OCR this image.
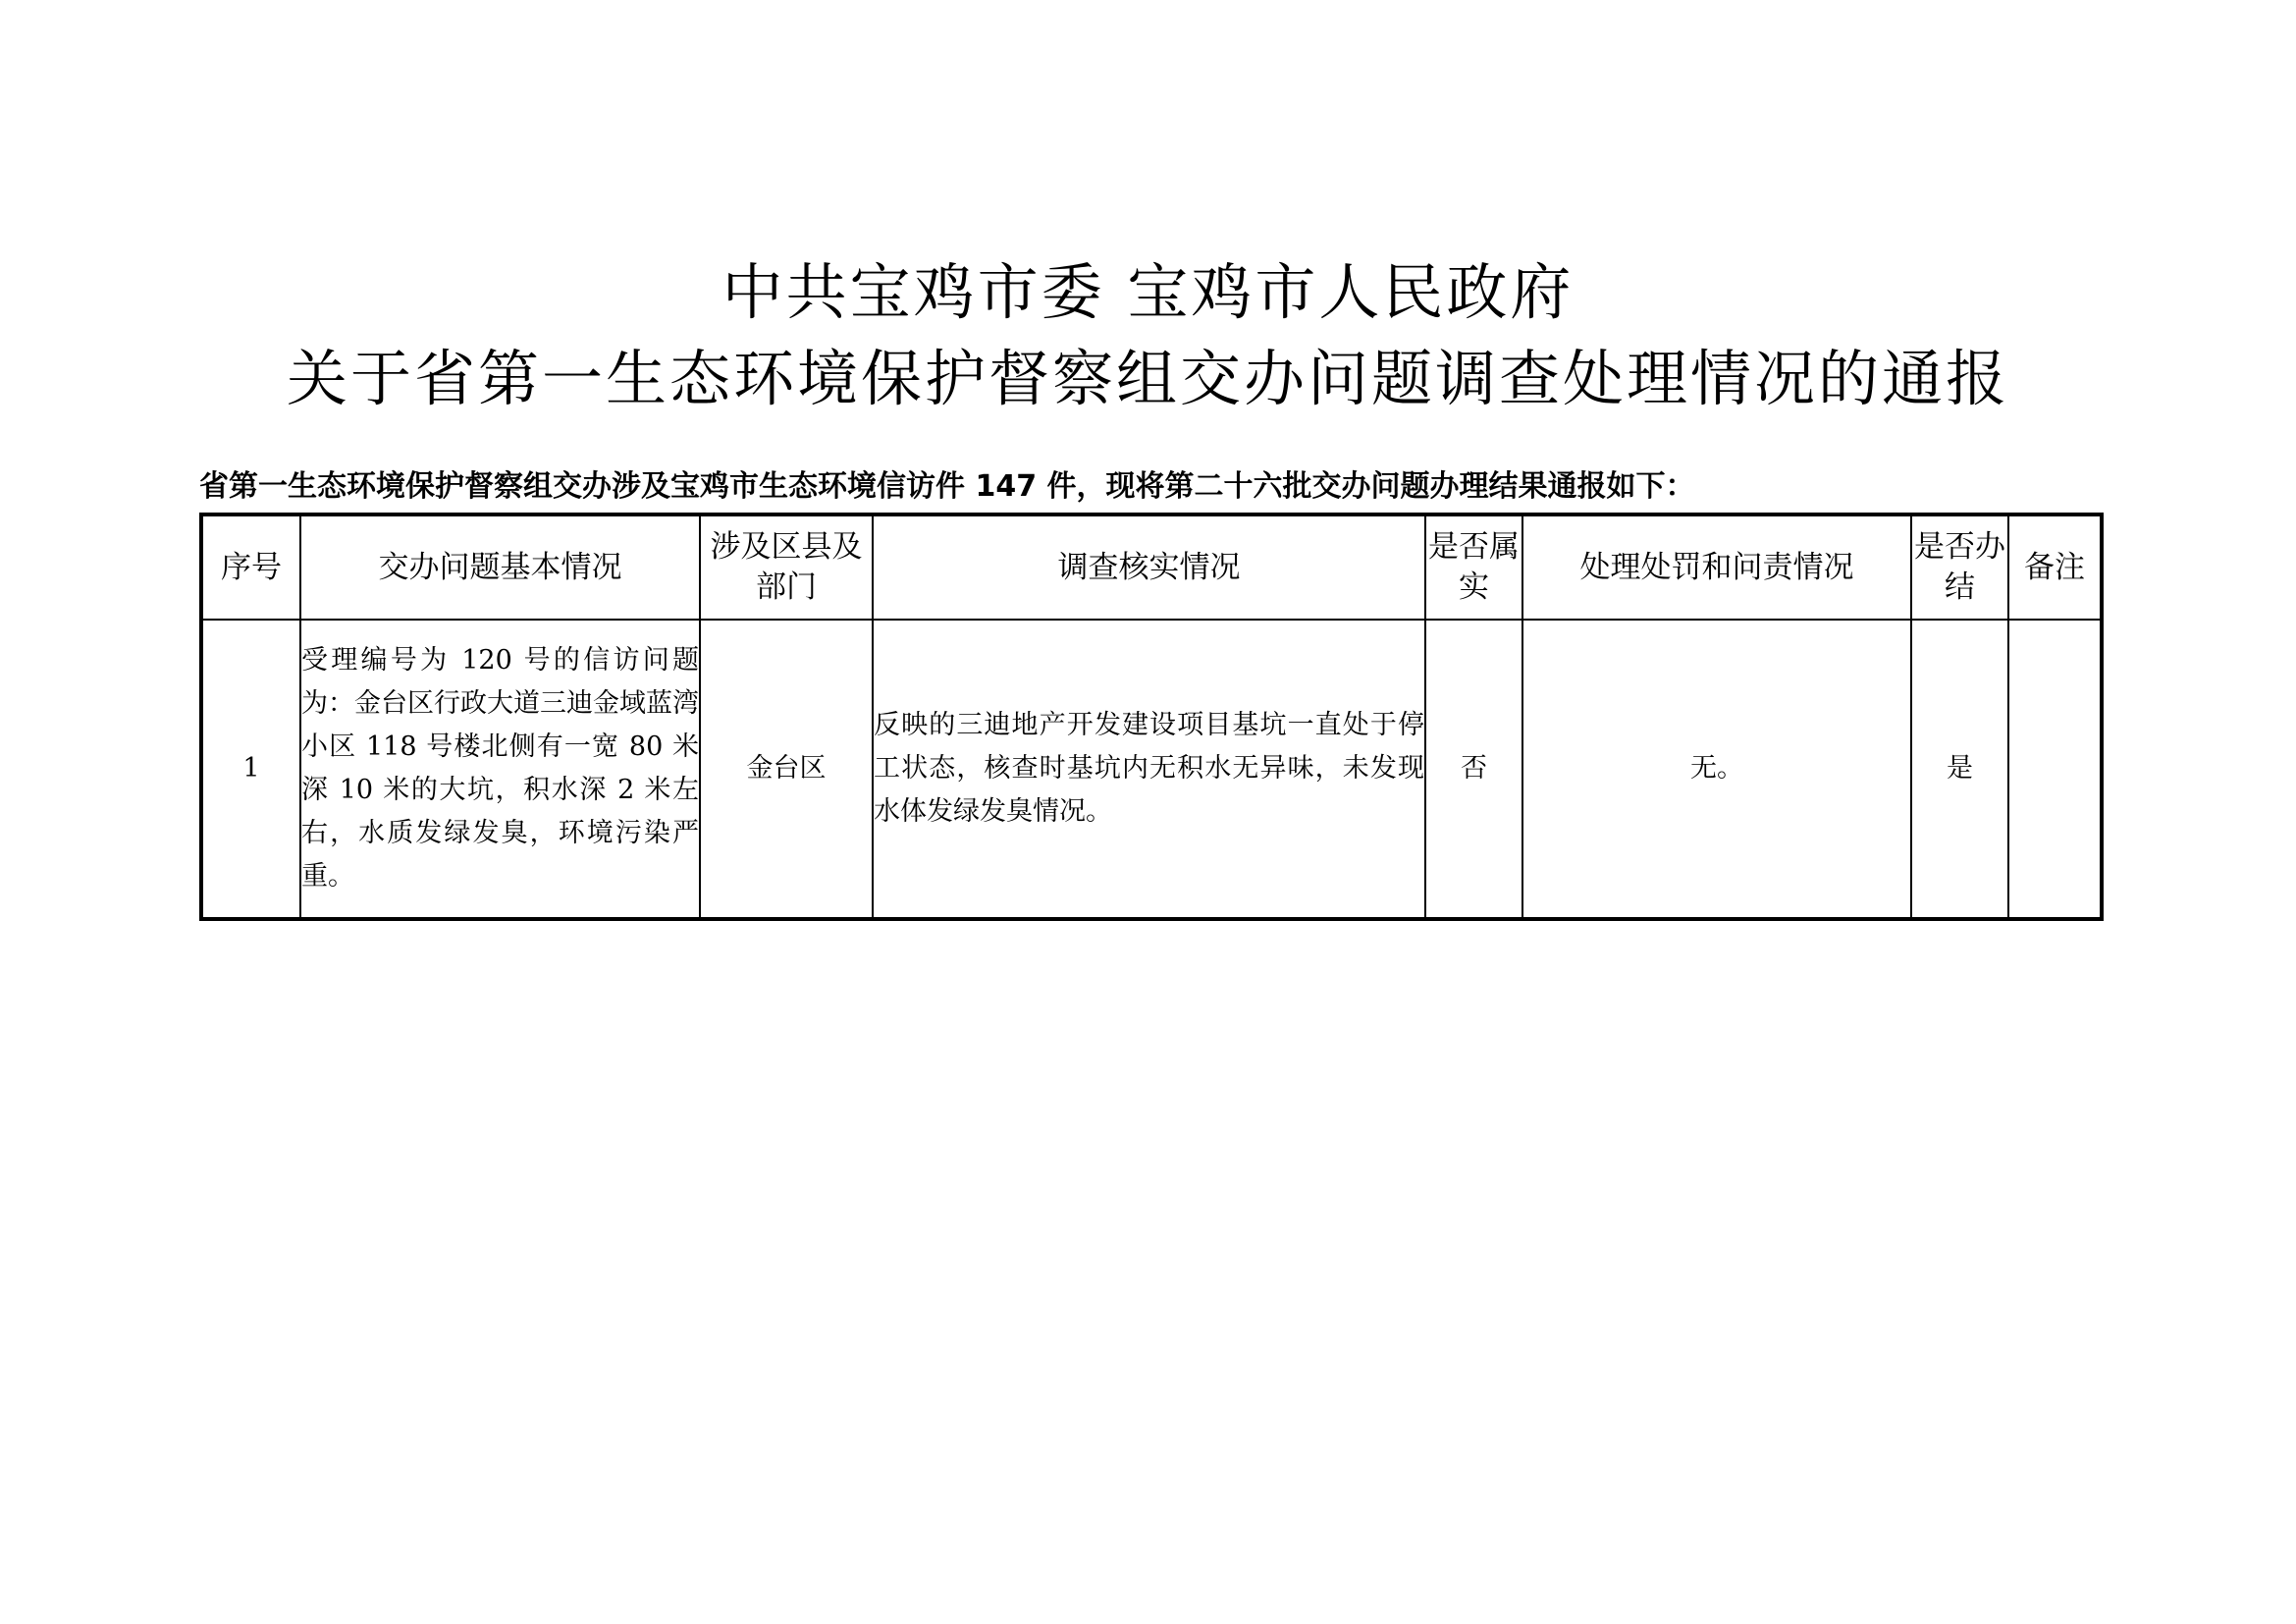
中共宝鸡市委 宝鸡市人民政府
关于省第一生态环境保护督察组交办问题调查处理情况的通报
省第一生态环境保护督察组交办涉及宝鸡市生态环境信访件 147 件，现将第二十六批交办问题办理结果通报如下：
序号	交办问题基本情况	涉及区县及部门	调查核实情况	是否属实	处理处罚和问责情况	是否办结	备注
1	受理编号为 120 号的信访问题为：金台区行政大道三迪金域蓝湾小区 118 号楼北侧有一宽 80 米深 10 米的大坑，积水深 2 米左右，水质发绿发臭，环境污染严重。	金台区	反映的三迪地产开发建设项目基坑一直处于停工状态，核查时基坑内无积水无异味，未发现水体发绿发臭情况。	否	无。	是	
